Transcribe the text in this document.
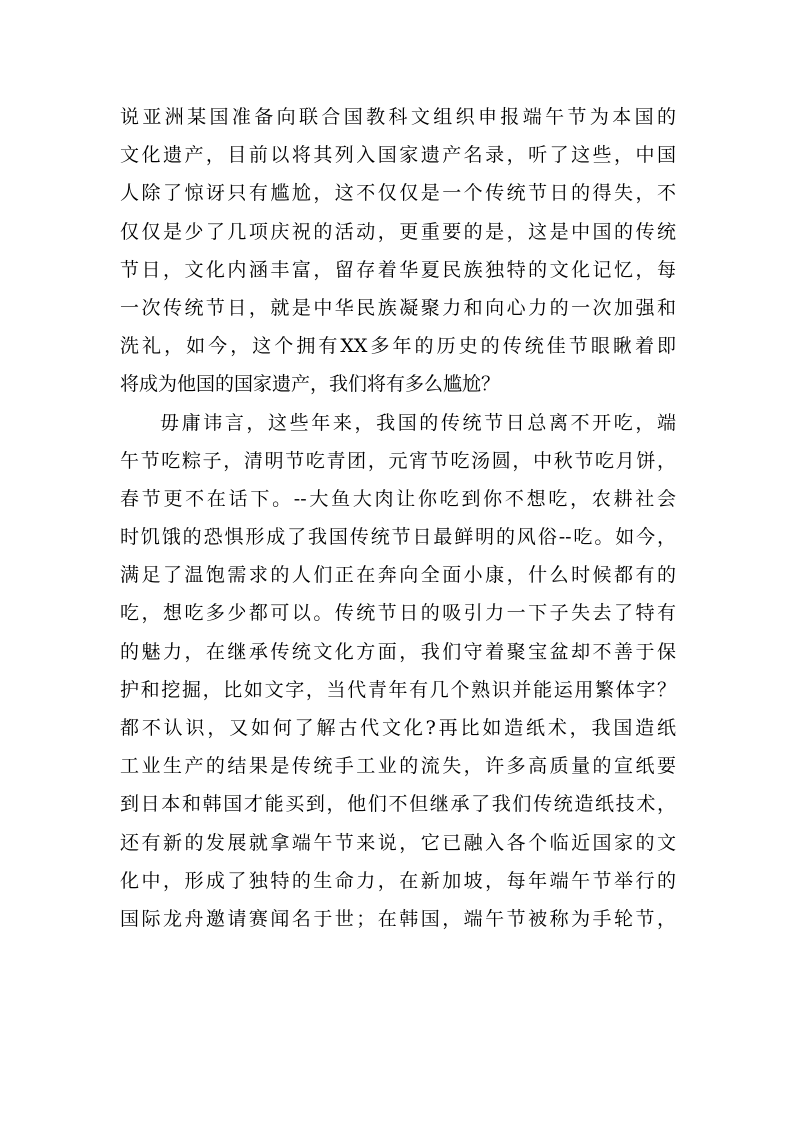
说亚洲某国准备向联合国教科文组织申报端午节为本国的
文化遗产，目前以将其列入国家遗产名录，听了这些，中国
人除了惊讶只有尴尬，这不仅仅是一个传统节日的得失，不
仅仅是少了几项庆祝的活动，更重要的是，这是中国的传统
节日，文化内涵丰富，留存着华夏民族独特的文化记忆，每
一次传统节日，就是中华民族凝聚力和向心力的一次加强和
洗礼，如今，这个拥有XX多年的历史的传统佳节眼瞅着即
将成为他国的国家遗产，我们将有多么尴尬？
毋庸讳言，这些年来，我国的传统节日总离不开吃，端
午节吃粽子，清明节吃青团，元宵节吃汤圆，中秋节吃月饼，
春节更不在话下。--大鱼大肉让你吃到你不想吃，农耕社会
时饥饿的恐惧形成了我国传统节日最鲜明的风俗--吃。如今，
满足了温饱需求的人们正在奔向全面小康，什么时候都有的
吃，想吃多少都可以。传统节日的吸引力一下子失去了特有
的魅力，在继承传统文化方面，我们守着聚宝盆却不善于保
护和挖掘，比如文字，当代青年有几个熟识并能运用繁体字？
都不认识，又如何了解古代文化?再比如造纸术，我国造纸
工业生产的结果是传统手工业的流失，许多高质量的宣纸要
到日本和韩国才能买到，他们不但继承了我们传统造纸技术，
还有新的发展就拿端午节来说，它已融入各个临近国家的文
化中，形成了独特的生命力，在新加坡，每年端午节举行的
国际龙舟邀请赛闻名于世；在韩国，端午节被称为手轮节，
